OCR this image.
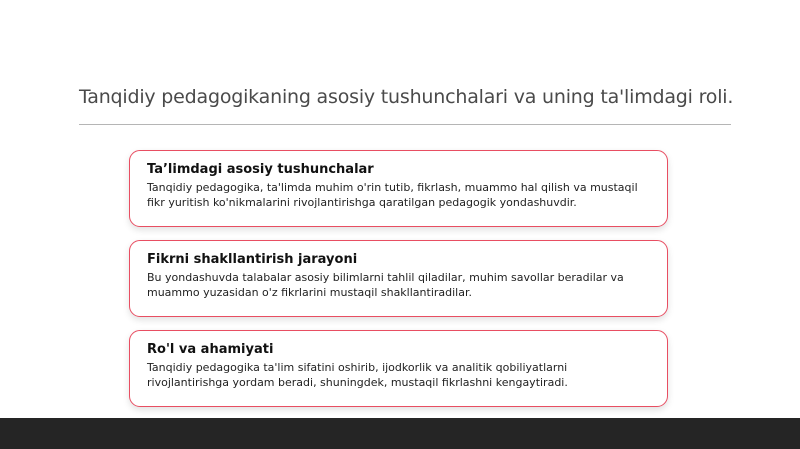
Tanqidiy pedagogikaning asosiy tushunchalari va uning ta'limdagi roli.

Ta’limdagi asosiy tushunchalar

Tanqidiy pedagogika, ta'limda muhim o'rin tutib, fikrlash, muammo hal qilish va mustaqil fikr yuritish ko'nikmalarini rivojlantirishga qaratilgan pedagogik yondashuvdir.

Fikrni shakllantirish jarayoni

Bu yondashuvda talabalar asosiy bilimlarni tahlil qiladilar, muhim savollar beradilar va muammo yuzasidan o'z fikrlarini mustaqil shakllantiradilar.

Ro'l va ahamiyati

Tanqidiy pedagogika ta'lim sifatini oshirib, ijodkorlik va analitik qobiliyatlarni rivojlantirishga yordam beradi, shuningdek, mustaqil fikrlashni kengaytiradi.
